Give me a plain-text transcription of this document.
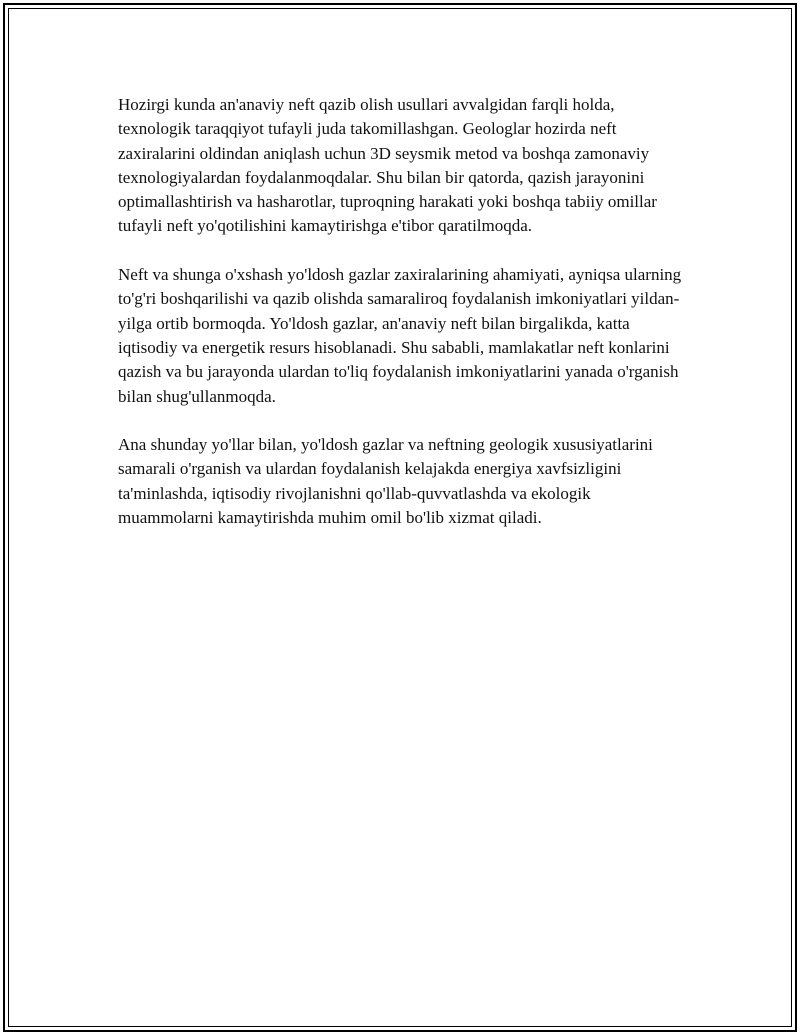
Hozirgi kunda an'anaviy neft qazib olish usullari avvalgidan farqli holda, texnologik taraqqiyot tufayli juda takomillashgan. Geologlar hozirda neft zaxiralarini oldindan aniqlash uchun 3D seysmik metod va boshqa zamonaviy texnologiyalardan foydalanmoqdalar. Shu bilan bir qatorda, qazish jarayonini optimallashtirish va hasharotlar, tuproqning harakati yoki boshqa tabiiy omillar tufayli neft yo'qotilishini kamaytirishga e'tibor qaratilmoqda.

Neft va shunga o'xshash yo'ldosh gazlar zaxiralarining ahamiyati, ayniqsa ularning to'g'ri boshqarilishi va qazib olishda samaraliroq foydalanish imkoniyatlari yildan-yilga ortib bormoqda. Yo'ldosh gazlar, an'anaviy neft bilan birgalikda, katta iqtisodiy va energetik resurs hisoblanadi. Shu sababli, mamlakatlar neft konlarini qazish va bu jarayonda ulardan to'liq foydalanish imkoniyatlarini yanada o'rganish bilan shug'ullanmoqda.

Ana shunday yo'llar bilan, yo'ldosh gazlar va neftning geologik xususiyatlarini samarali o'rganish va ulardan foydalanish kelajakda energiya xavfsizligini ta'minlashda, iqtisodiy rivojlanishni qo'llab-quvvatlashda va ekologik muammolarni kamaytirishda muhim omil bo'lib xizmat qiladi.
